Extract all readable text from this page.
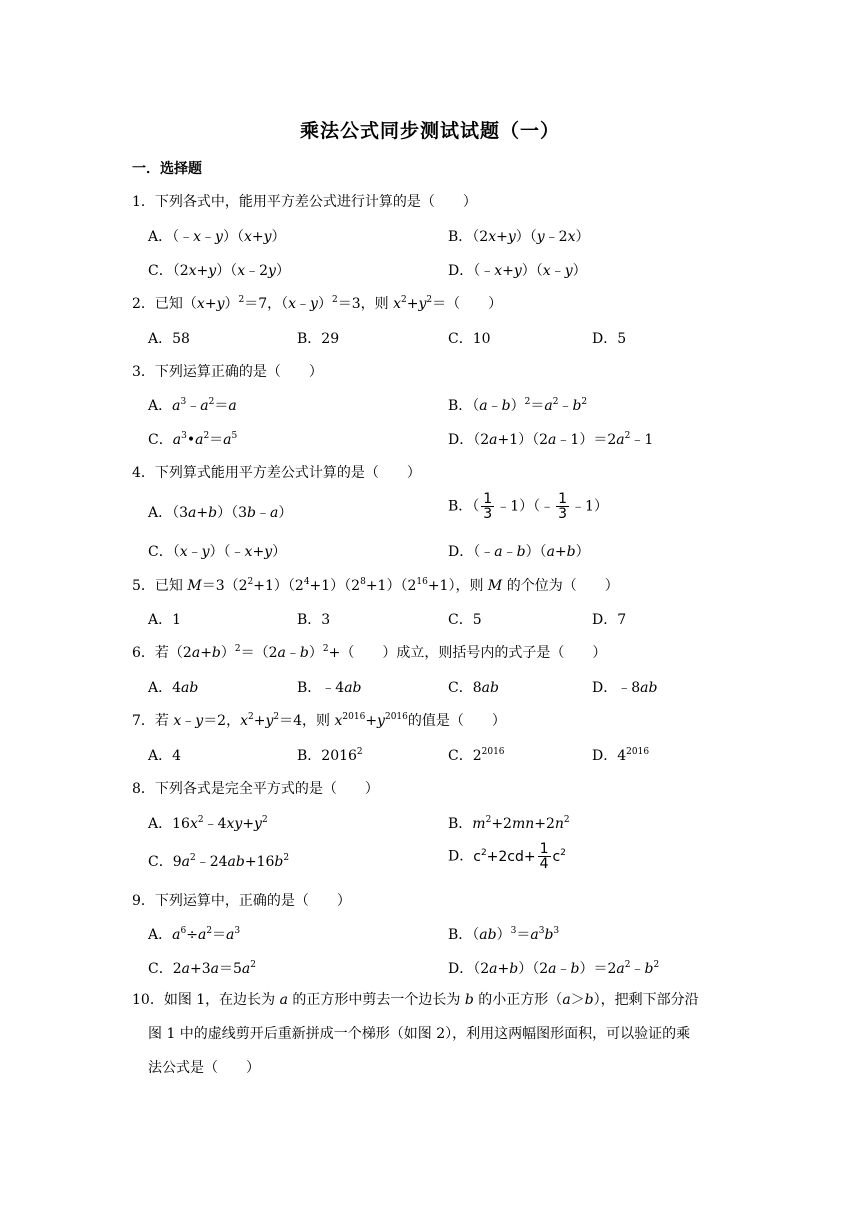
乘法公式同步测试试题（一）
一．选择题
1．下列各式中，能用平方差公式进行计算的是（　　）
A．（﹣x﹣y）（x+y）	B．（2x+y）（y﹣2x）
C．（2x+y）（x﹣2y）	D．（﹣x+y）（x﹣y）
2．已知$(x+y)^2=7$，（x﹣y）$^2$＝3，则 $x^2+y^2=$（　　）
A．58	B．29	C．10	D．5
3．下列运算正确的是（　　）
A．$a^3﹣a^2=a$	B．$(a﹣b)^2=a^2﹣b^2$
C．$a^3•a^2=a^5$	D．$(2a+1)(2a﹣1)=2a^2﹣1$
4．下列算式能用平方差公式计算的是（　　）
A．（3a+b）（3b﹣a）	B．（ $\frac{1}{3}$ ﹣1）（﹣ $\frac{1}{3}$ ﹣1）
C．（x﹣y）（﹣x+y）	D．（﹣a﹣b）（a+b）
5．已知 $M=3(2^2+1)(2^4+1)(2^8+1)(2^{16}+1)$，则 M 的个位为（　　）
A．1	B．3	C．5	D．7
6．若$(2a+b)^2=(2a﹣b)^2+$（　　）成立，则括号内的式子是（　　）
A．4ab	B．﹣4ab	C．8ab	D．﹣8ab
7．若 x﹣y＝2，$x^2+y^2=4$，则 $x^{2016}+y^{2016}$的值是（　　）
A．4	B．2016$^2$	C．$2^{2016}$	D．$4^{2016}$
8．下列各式是完全平方式的是（　　）
A．$16x^2﹣4xy+y^2$	B．$m^2+2mn+2n^2$
C．$9a^2﹣24ab+16b^2$	D．$c^2+2cd+ \frac{1}{4} c^2$
9．下列运算中，正确的是（　　）
A．$a^6\div a^2=a^3$	B．$(ab)^3=a^3b^3$
C．$2a+3a=5a^2$	D．$(2a+b)(2a﹣b)=2a^2﹣b^2$
10．如图 1，在边长为 a 的正方形中剪去一个边长为 b 的小正方形（a＞b），把剩下部分沿
图 1 中的虚线剪开后重新拼成一个梯形（如图 2），利用这两幅图形面积，可以验证的乘
法公式是（　　）
